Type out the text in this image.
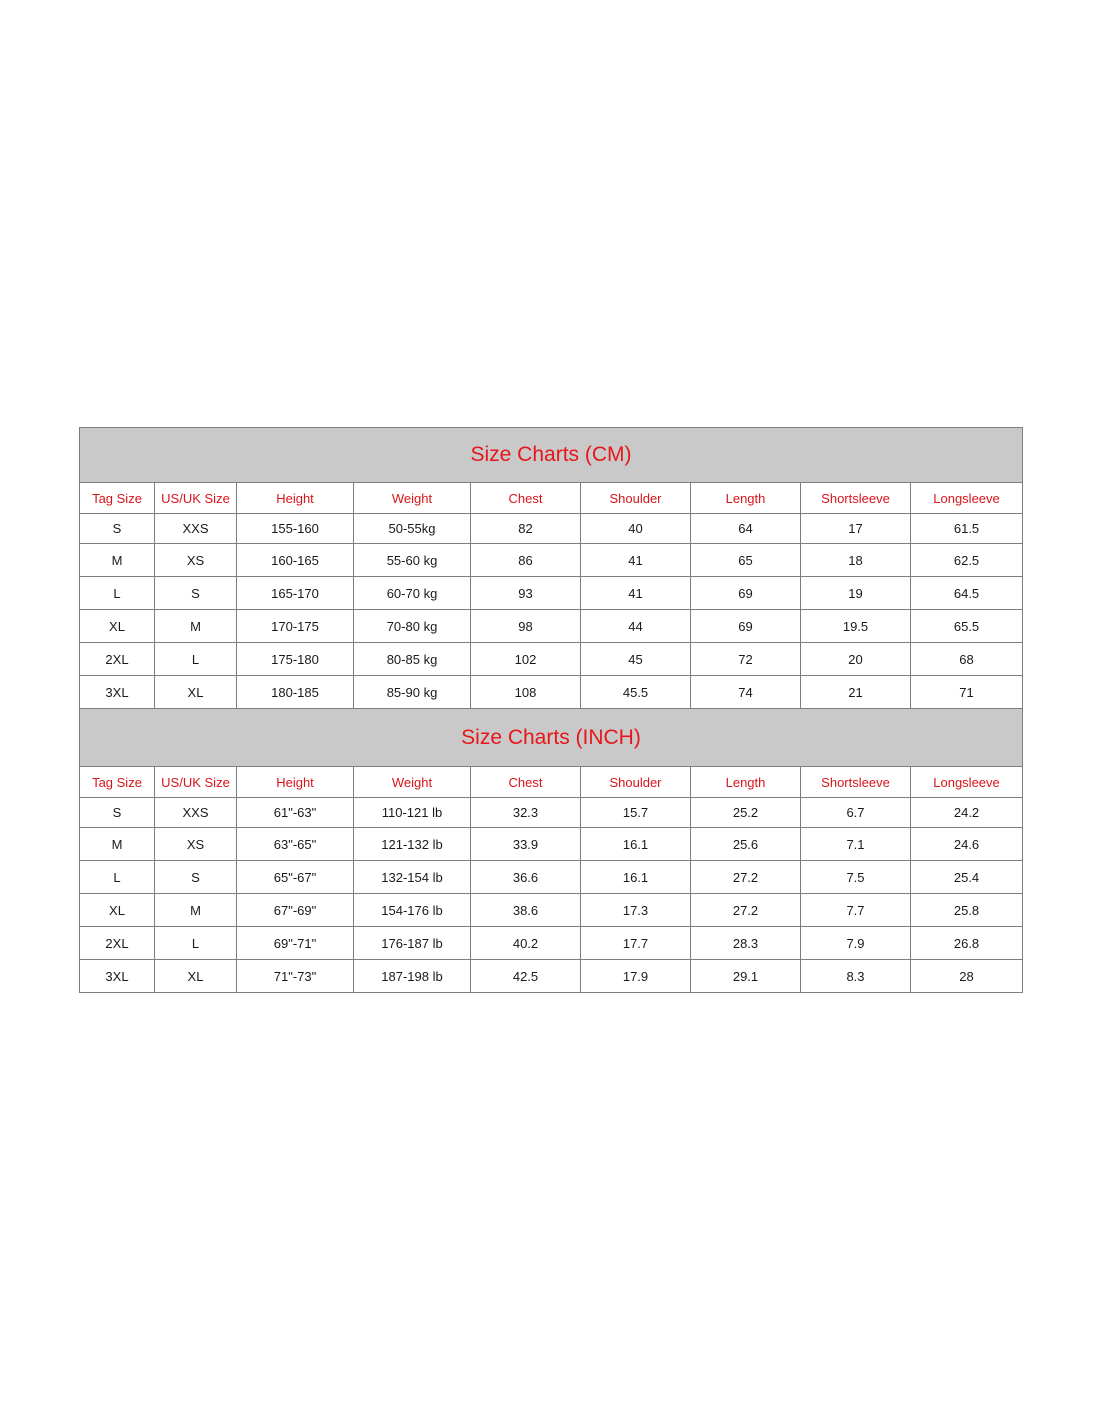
Size Charts (CM)								
Tag Size	US/UK Size	Height	Weight	Chest	Shoulder	Length	Shortsleeve	Longsleeve
S	XXS	155-160	50-55kg	82	40	64	17	61.5
M	XS	160-165	55-60 kg	86	41	65	18	62.5
L	S	165-170	60-70 kg	93	41	69	19	64.5
XL	M	170-175	70-80 kg	98	44	69	19.5	65.5
2XL	L	175-180	80-85 kg	102	45	72	20	68
3XL	XL	180-185	85-90 kg	108	45.5	74	21	71
Size Charts (INCH)								
Tag Size	US/UK Size	Height	Weight	Chest	Shoulder	Length	Shortsleeve	Longsleeve
S	XXS	61"-63"	110-121 lb	32.3	15.7	25.2	6.7	24.2
M	XS	63"-65"	121-132 lb	33.9	16.1	25.6	7.1	24.6
L	S	65"-67"	132-154 lb	36.6	16.1	27.2	7.5	25.4
XL	M	67"-69"	154-176 lb	38.6	17.3	27.2	7.7	25.8
2XL	L	69"-71"	176-187 lb	40.2	17.7	28.3	7.9	26.8
3XL	XL	71"-73"	187-198 lb	42.5	17.9	29.1	8.3	28
